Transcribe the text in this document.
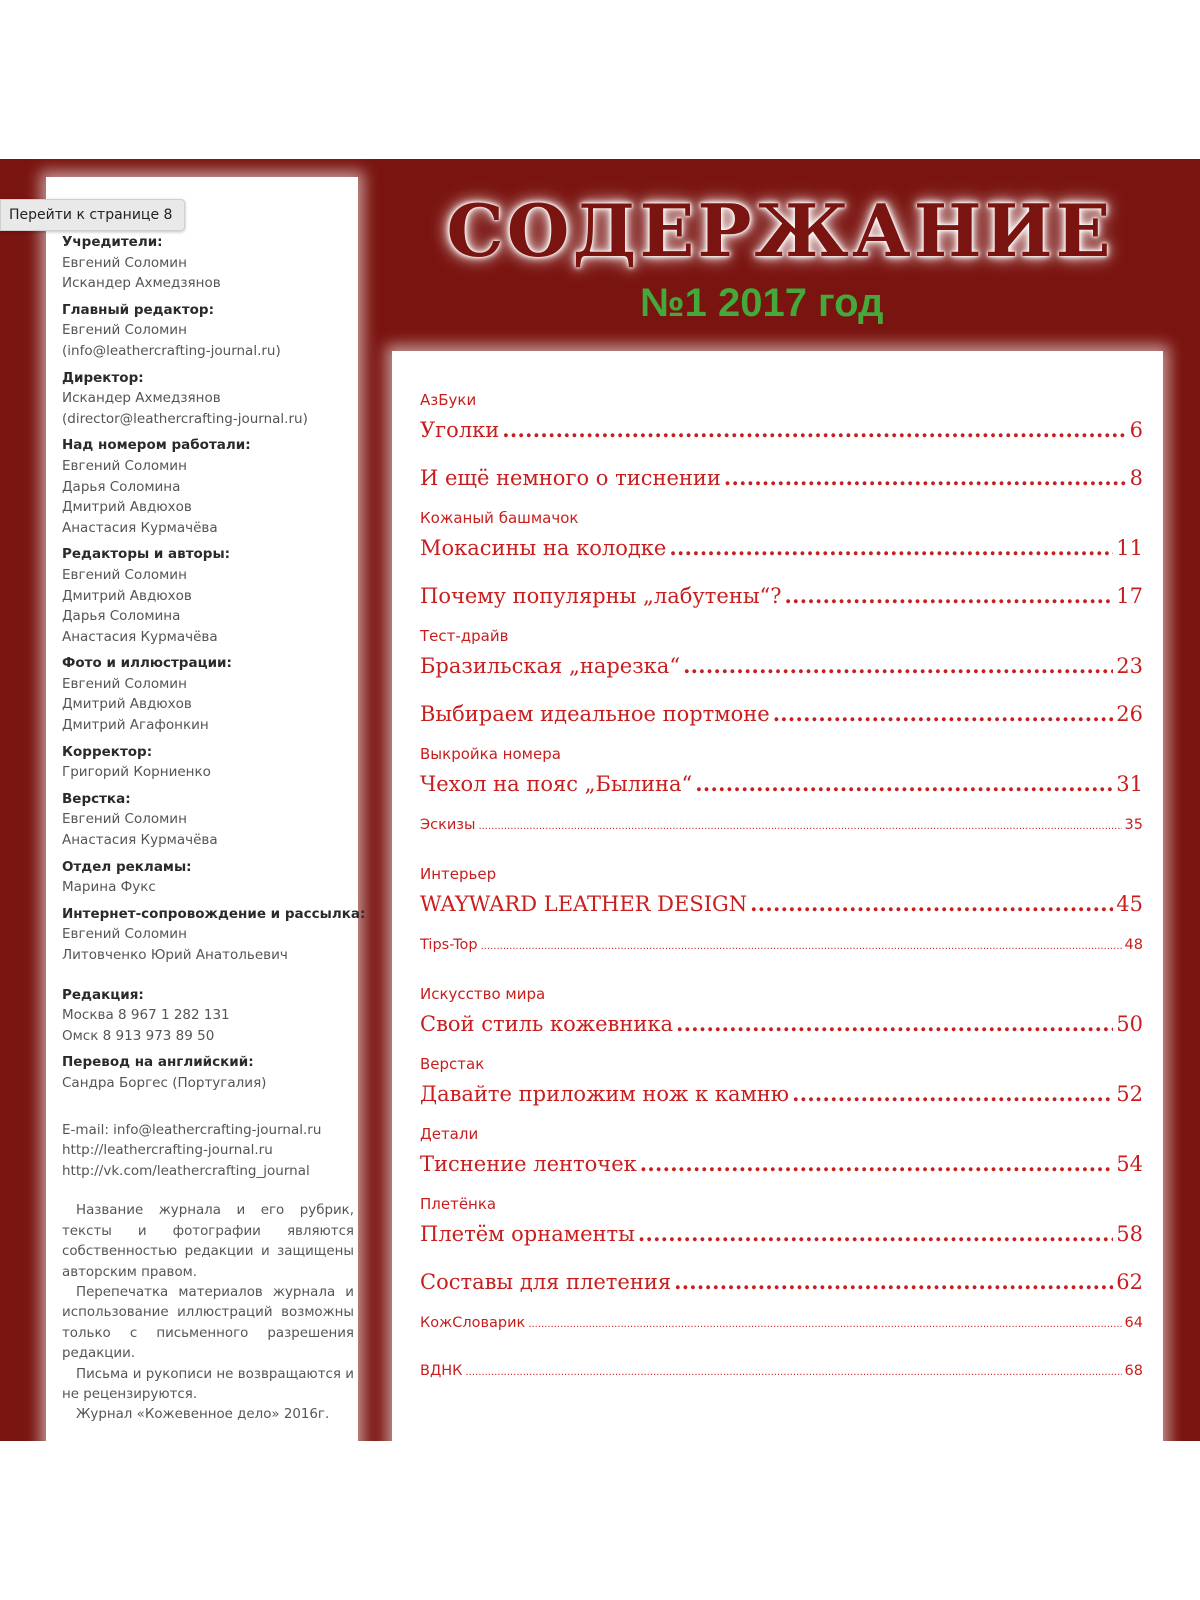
Перейти к странице 8
Учредители:
Евгений Соломин
Искандер Ахмедзянов
Главный редактор:
Евгений Соломин
(info@leathercrafting-journal.ru)
Директор:
Искандер Ахмедзянов
(director@leathercrafting-journal.ru)
Над номером работали:
Евгений Соломин
Дарья Соломина
Дмитрий Авдюхов
Анастасия Курмачёва
Редакторы и авторы:
Евгений Соломин
Дмитрий Авдюхов
Дарья Соломина
Анастасия Курмачёва
Фото и иллюстрации:
Евгений Соломин
Дмитрий Авдюхов
Дмитрий Агафонкин
Корректор:
Григорий Корниенко
Верстка:
Евгений Соломин
Анастасия Курмачёва
Отдел рекламы:
Марина Фукс
Интернет-сопровождение и рассылка:
Евгений Соломин
Литовченко Юрий Анатольевич
Редакция:
Москва 8 967 1 282 131
Омск 8 913 973 89 50
Перевод на английский:
Сандра Боргес (Португалия)
E-mail: info@leathercrafting-journal.ru
http://leathercrafting-journal.ru
http://vk.com/leathercrafting_journal

Название журнала и его рубрик, тексты и фотографии являются собственностью редакции и защищены авторским правом.

Перепечатка материалов журнала и использование иллюстраций возможны только с письменного разрешения редакции.

Письма и рукописи не возвращаются и не рецензируются.

Журнал «Кожевенное дело» 2016г.

СОДЕРЖАНИЕ
№1 2017 год
АзБуки
Уголки .....	6
И ещё немного о тиснении .....	8
Кожаный башмачок
Мокасины на колодке .....	11
Почему популярны „лабутены“? .....	17
Тест-драйв
Бразильская „нарезка“ .....	23
Выбираем идеальное портмоне .....	26
Выкройка номера
Чехол на пояс „Былина“ .....	31
Эскизы .....	35
Интерьер
WAYWARD LEATHER DESIGN .....	45
Tips-Top .....	48
Искусство мира
Свой стиль кожевника .....	50
Верстак
Давайте приложим нож к камню .....	52
Детали
Тиснение ленточек .....	54
Плетёнка
Плетём орнаменты .....	58
Составы для плетения .....	62
КожСловарик .....	64
ВДНК .....	68
